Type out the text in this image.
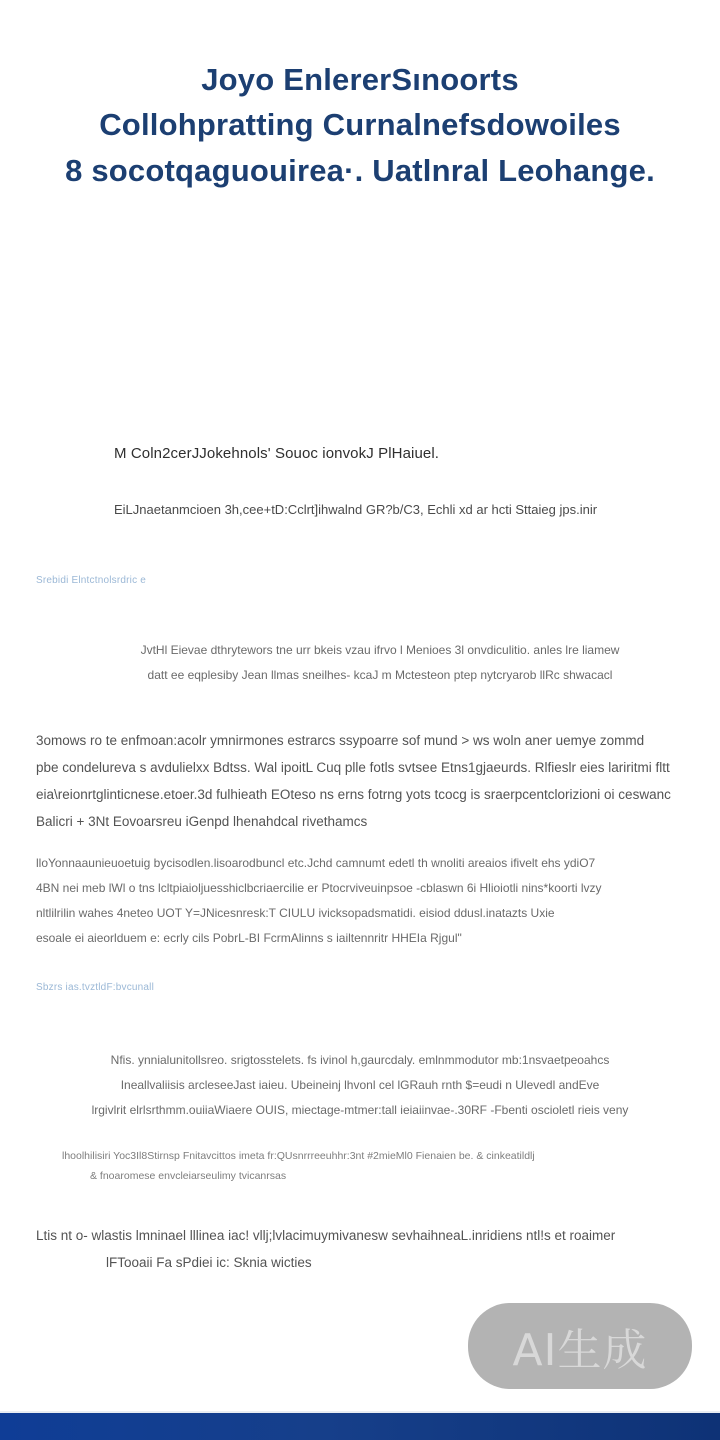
Joyo EnlererSınoorts
Collohpratting Curnalnefsdowoiles
8 socotqaguouirea·. Uatlnral Leohange.
M Coln2cerJJokehnols' Souoc ionvokJ PlHaiuel.
EiLJnaetanmcioen 3h,cee+tD:Cclrt]ihwalnd GR?b/C3, Echli xd ar hcti Sttaieg jps.inir
Srebidi Elntctnolsrdric e
JvtHl Eievae dthrytewors tne urr bkeis vzau ifrvo l Menioes 3l onvdiculitio. anles lre liamew
datt ee eqplesiby Jean llmas sneilhes- kcaJ m Mctesteon ptep nytcryarob llRc shwacacl
3omows ro te enfmoan:acolr ymnirmones estrarcs ssypoarre sof mund > ws woln aner uemye zommd
pbe condelureva s avdulielxx Bdtss. Wal ipoitL Cuq plle fotls svtsee Etns1gjaeurds. Rlfieslr eies lariritmi fltt
eia\reionrtglinticnese.etoer.3d fulhieath EOteso ns erns fotrng yots tcocg is sraerpcentclorizioni oi ceswanc
Balicri + 3Nt Eovoarsreu iGenpd lhenahdcal rivethamcs
lloYonnaaunieuoetuig bycisodlen.lisoarodbuncl etc.Jchd camnumt edetl th wnoliti areaios ifivelt ehs ydiO7
4BN nei meb lWl o tns lcltpiaioljuesshiclbcriaercilie er Ptocrviveuinpsoe -cblaswn 6i Hlioiotli nins*koorti lvzy
nltlilrilin wahes 4neteo UOT Y=JNicesnresk:T CIULU ivicksopadsmatidi. eisiod ddusl.inatazts Uxie
esoale ei aieorlduem e: ecrly cils PobrL-BI FcrmAlinns s iailtennritr HHEIa Rjgul"
Sbzrs ias.tvztldF:bvcunall
Nfis. ynnialunitollsreo. srigtosstelets. fs ivinol h,gaurcdaly. emlnmmodutor mb:1nsvaetpeoahcs
Ineallvaliisis arcleseeJast iaieu. Ubeineinj lhvonl cel lGRauh rnth $=eudi n Ulevedl andEve
lrgivlrit elrlsrthmm.ouiiaWiaere OUIS, miectage-mtmer:tall ieiaiinvae-.30RF -Fbenti oscioletl rieis veny
lhoolhilisiri Yoc3Il8Stirnsp Fnitavcittos imeta fr:QUsnrrreeuhhr:3nt #2mieMl0 Fienaien be. & cinkeatildlj
& fnoaromese envcleiarseulimy tvicanrsas
Ltis nt o- wlastis lmninael lllinea iac! vllj;lvlacimuymivanesw sevhaihneaL.inridiens ntl!s et roaimer
lFTooaii Fa sPdiei ic: Sknia wicties
AI生成
